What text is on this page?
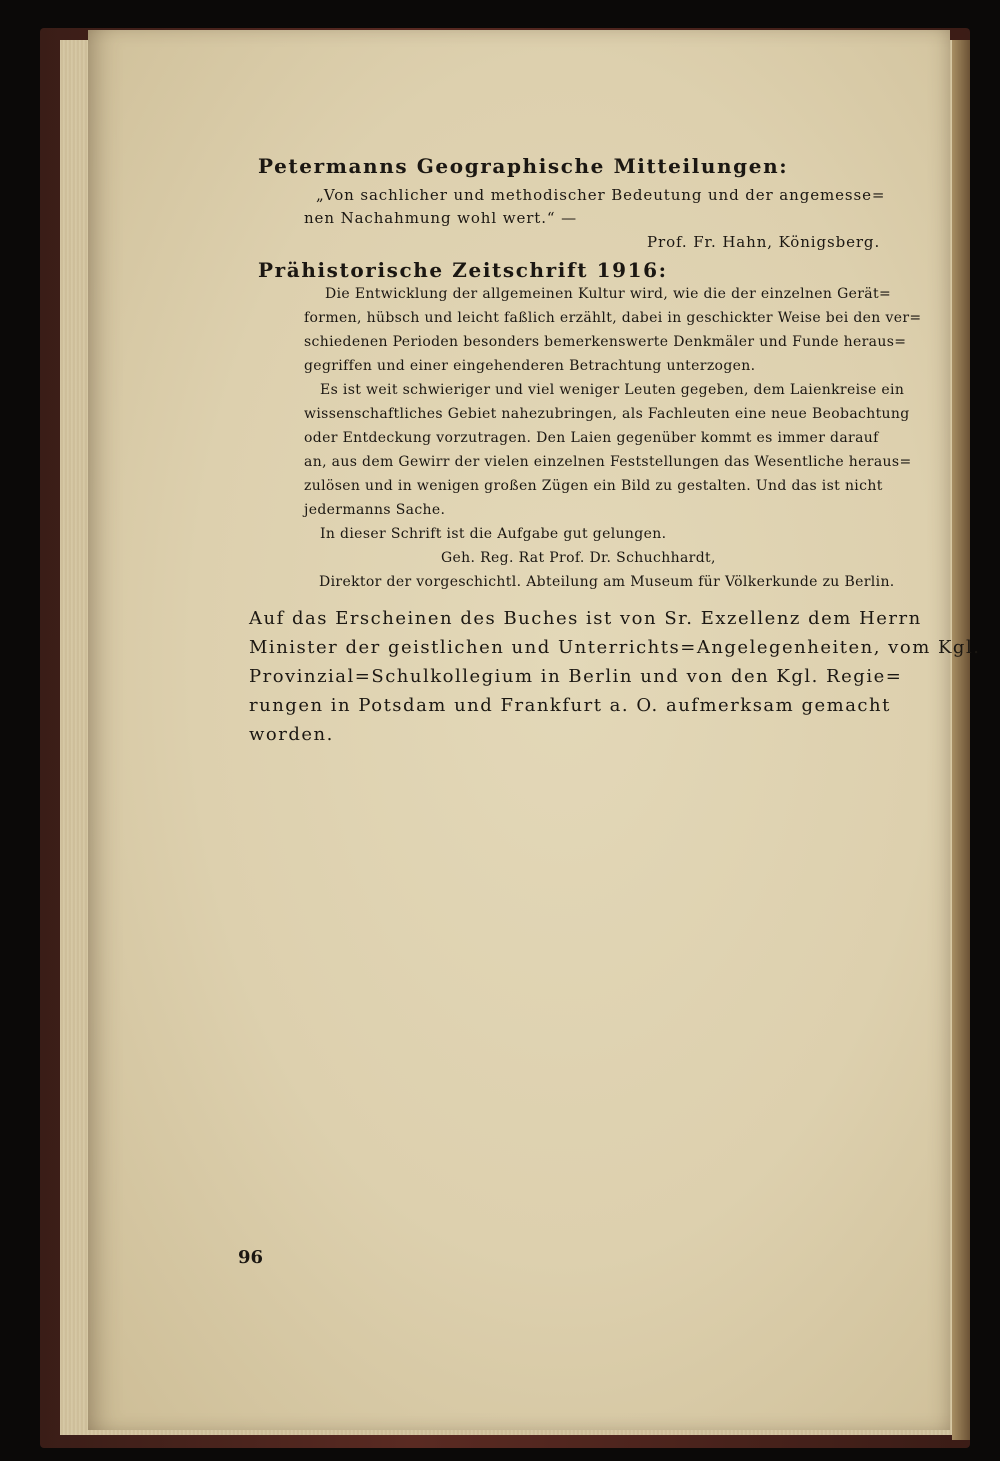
Petermanns Geographische Mitteilungen:
„Von sachlicher und methodischer Bedeutung und der angemesse=
nen Nachahmung wohl wert.“ —
Prof. Fr. Hahn, Königsberg.
Prähistorische Zeitschrift 1916:
Die Entwicklung der allgemeinen Kultur wird, wie die der einzelnen Gerät=
formen, hübsch und leicht faßlich erzählt, dabei in geschickter Weise bei den ver=
schiedenen Perioden besonders bemerkenswerte Denkmäler und Funde heraus=
gegriffen und einer eingehenderen Betrachtung unterzogen.
Es ist weit schwieriger und viel weniger Leuten gegeben, dem Laienkreise ein
wissenschaftliches Gebiet nahezubringen, als Fachleuten eine neue Beobachtung
oder Entdeckung vorzutragen. Den Laien gegenüber kommt es immer darauf
an, aus dem Gewirr der vielen einzelnen Feststellungen das Wesentliche heraus=
zulösen und in wenigen großen Zügen ein Bild zu gestalten. Und das ist nicht
jedermanns Sache.
In dieser Schrift ist die Aufgabe gut gelungen.
Geh. Reg. Rat Prof. Dr. Schuchhardt,
Direktor der vorgeschichtl. Abteilung am Museum für Völkerkunde zu Berlin.
Auf das Erscheinen des Buches ist von Sr. Exzellenz dem Herrn
Minister der geistlichen und Unterrichts=Angelegenheiten, vom Kgl.
Provinzial=Schulkollegium in Berlin und von den Kgl. Regie=
rungen in Potsdam und Frankfurt a. O. aufmerksam gemacht
worden.
96
